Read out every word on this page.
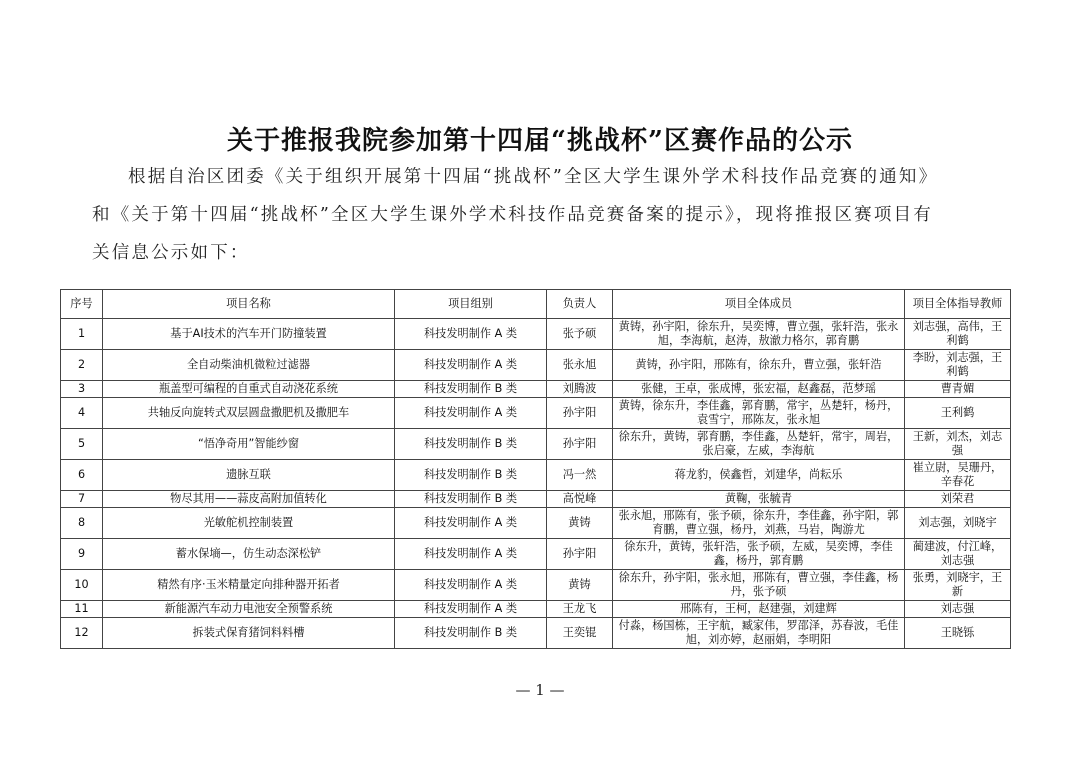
关于推报我院参加第十四届“挑战杯”区赛作品的公示
根据自治区团委《关于组织开展第十四届“挑战杯”全区大学生课外学术科技作品竞赛的通知》
和《关于第十四届“挑战杯”全区大学生课外学术科技作品竞赛备案的提示》，现将推报区赛项目有
关信息公示如下：
序号	项目名称	项目组别	负责人	项目全体成员	项目全体指导教师
1	基于AI技术的汽车开门防撞装置	科技发明制作 A 类	张予硕	黄铸，孙宇阳，徐东升，吴奕博，曹立强，张轩浩，张永旭，李海航，赵涛，敖澈力格尔，郭育鹏	刘志强，高伟，王利鹤
2	全自动柴油机微粒过滤器	科技发明制作 A 类	张永旭	黄铸，孙宇阳，邢陈有，徐东升，曹立强，张轩浩	李盼，刘志强，王利鹤
3	瓶盖型可编程的自重式自动浇花系统	科技发明制作 B 类	刘腾波	张健，王卓，张成博，张宏福，赵鑫磊，范梦瑶	曹青媚
4	共轴反向旋转式双层圆盘撒肥机及撒肥车	科技发明制作 A 类	孙宇阳	黄铸，徐东升，李佳鑫，郭育鹏，常宇，丛楚轩，杨丹，袁雪宁，邢陈友，张永旭	王利鹤
5	“悟净奇用”智能纱窗	科技发明制作 B 类	孙宇阳	徐东升，黄铸，郭育鹏，李佳鑫，丛楚轩，常宇，周岩，张启豪，左威，李海航	王新，刘杰，刘志强
6	遗脉互联	科技发明制作 B 类	冯一然	蒋龙豹，侯鑫哲，刘建华，尚耘乐	崔立尉，吴珊丹，辛春花
7	物尽其用——蒜皮高附加值转化	科技发明制作 B 类	高悦峰	黄鞠，张毓青	刘荣君
8	光敏舵机控制装置	科技发明制作 A 类	黄铸	张永旭，邢陈有，张予硕，徐东升，李佳鑫，孙宇阳，郭育鹏，曹立强，杨丹，刘燕，马岩，陶游尤	刘志强，刘晓宇
9	蓄水保墒—，仿生动态深松铲	科技发明制作 A 类	孙宇阳	徐东升，黄铸，张轩浩，张予硕，左威，吴奕博，李佳鑫，杨丹，郭育鹏	蔺建波，付江峰，刘志强
10	精然有序·玉米精量定向排种器开拓者	科技发明制作 A 类	黄铸	徐东升，孙宇阳，张永旭，邢陈有，曹立强，李佳鑫，杨丹，张予硕	张勇，刘晓宇，王新
11	新能源汽车动力电池安全预警系统	科技发明制作 A 类	王龙飞	邢陈有，王柯，赵建强，刘建辉	刘志强
12	拆装式保育猪饲料料槽	科技发明制作 B 类	王奕锟	付淼，杨国栋，王宇航，臧家伟，罗邵泽，苏春波，毛佳旭，刘亦婷，赵丽娟，李明阳	王晓铄
— 1 —
